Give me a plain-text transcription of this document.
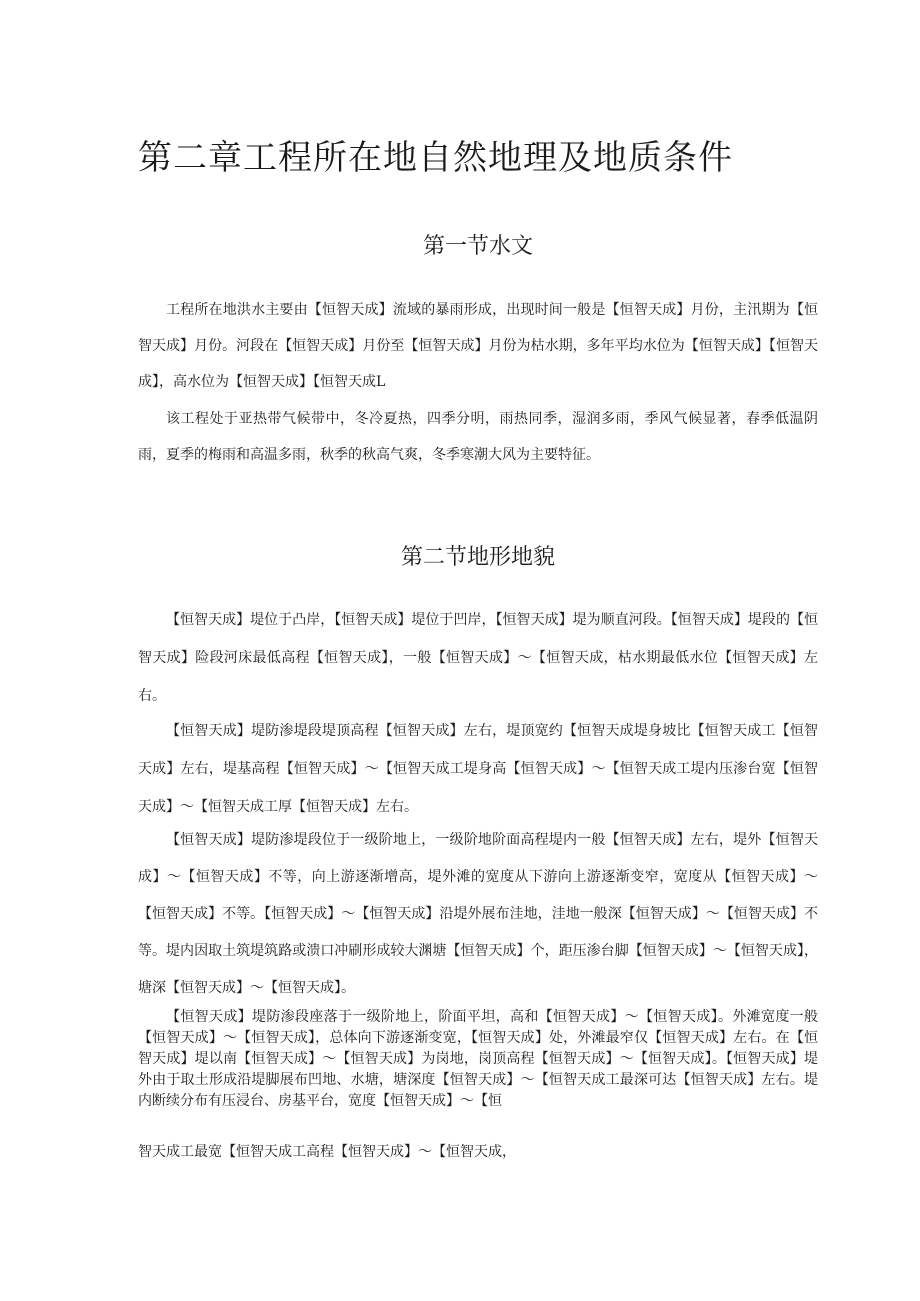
第二章工程所在地自然地理及地质条件
第一节水文

工程所在地洪水主要由【恒智天成】流域的暴雨形成，出现时间一般是【恒智天成】月份，主汛期为【恒智天成】月份。河段在【恒智天成】月份至【恒智天成】月份为枯水期，多年平均水位为【恒智天成】【恒智天成】，高水位为【恒智天成】【恒智天成L

该工程处于亚热带气候带中，冬冷夏热，四季分明，雨热同季，湿润多雨，季风气候显著，春季低温阴雨，夏季的梅雨和高温多雨，秋季的秋高气爽，冬季寒潮大风为主要特征。

第二节地形地貌

【恒智天成】堤位于凸岸，【恒智天成】堤位于凹岸，【恒智天成】堤为顺直河段。【恒智天成】堤段的【恒智天成】险段河床最低高程【恒智天成】，一般【恒智天成】～【恒智天成，枯水期最低水位【恒智天成】左右。

【恒智天成】堤防渗堤段堤顶高程【恒智天成】左右，堤顶宽约【恒智天成堤身坡比【恒智天成工【恒智天成】左右，堤基高程【恒智天成】～【恒智天成工堤身高【恒智天成】～【恒智天成工堤内压渗台宽【恒智天成】～【恒智天成工厚【恒智天成】左右。

【恒智天成】堤防渗堤段位于一级阶地上，一级阶地阶面高程堤内一般【恒智天成】左右，堤外【恒智天成】～【恒智天成】不等，向上游逐渐增高，堤外滩的宽度从下游向上游逐渐变窄，宽度从【恒智天成】～【恒智天成】不等。【恒智天成】～【恒智天成】沿堤外展布洼地，洼地一般深【恒智天成】～【恒智天成】不等。堤内因取土筑堤筑路或溃口冲刷形成较大渊塘【恒智天成】个，距压渗台脚【恒智天成】～【恒智天成】，塘深【恒智天成】～【恒智天成】。

【恒智天成】堤防渗段座落于一级阶地上，阶面平坦，高和【恒智天成】～【恒智天成】。外滩宽度一般【恒智天成】～【恒智天成】，总体向下游逐渐变宽，【恒智天成】处，外滩最窄仅【恒智天成】左右。在【恒智天成】堤以南【恒智天成】～【恒智天成】为岗地，岗顶高程【恒智天成】～【恒智天成】。【恒智天成】堤外由于取土形成沿堤脚展布凹地、水塘，塘深度【恒智天成】～【恒智天成工最深可达【恒智天成】左右。堤内断续分布有压浸台、房基平台，宽度【恒智天成】～【恒

智天成工最宽【恒智天成工高程【恒智天成】～【恒智天成，
